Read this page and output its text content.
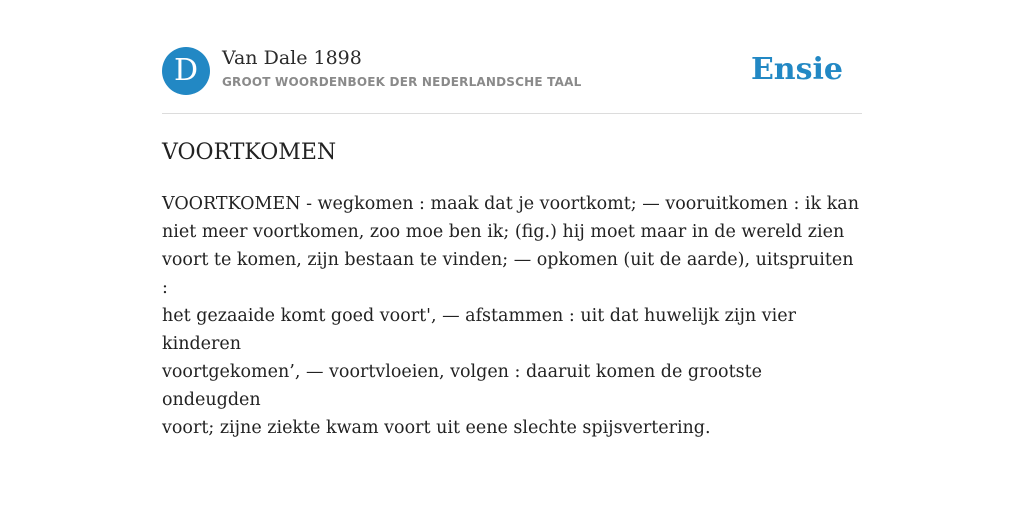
D	Van Dale 1898
GROOT WOORDENBOEK DER NEDERLANDSCHE TAAL	Ensie
VOORTKOMEN
VOORTKOMEN - wegkomen : maak dat je voortkomt; — vooruitkomen : ik kan
niet meer voortkomen, zoo moe ben ik; (fig.) hij moet maar in de wereld zien
voort te komen, zijn bestaan te vinden; — opkomen (uit de aarde), uitspruiten :
het gezaaide komt goed voort', — afstammen : uit dat huwelijk zijn vier kinderen
voortgekomen’, — voortvloeien, volgen : daaruit komen de grootste ondeugden
voort; zijne ziekte kwam voort uit eene slechte spijsvertering.
